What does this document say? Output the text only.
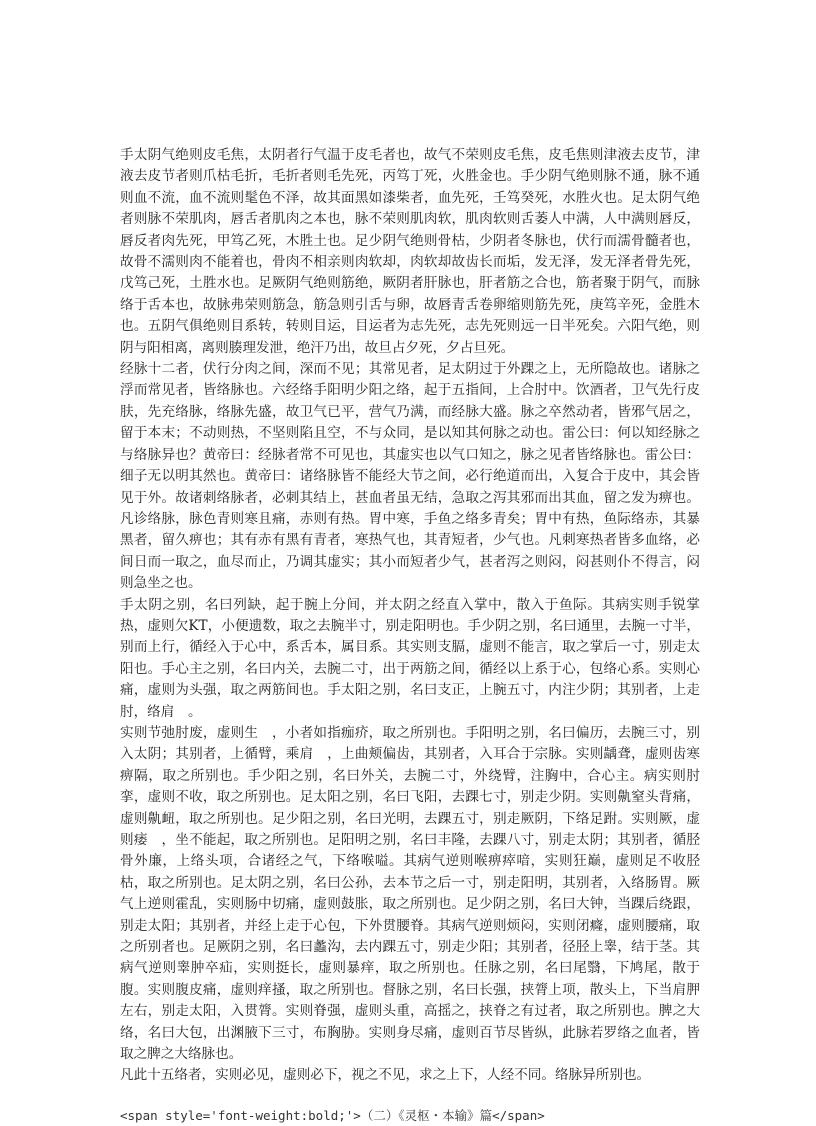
手太阴气绝则皮毛焦，太阴者行气温于皮毛者也，故气不荣则皮毛焦，皮毛焦则津液去皮节，津液去皮节者则爪枯毛折，毛折者则毛先死，丙笃丁死，火胜金也。手少阴气绝则脉不通，脉不通则血不流，血不流则髦色不泽，故其面黑如漆柴者，血先死，壬笃癸死，水胜火也。足太阴气绝者则脉不荣肌肉，唇舌者肌肉之本也，脉不荣则肌肉软，肌肉软则舌萎人中满，人中满则唇反，唇反者肉先死，甲笃乙死，木胜土也。足少阴气绝则骨枯，少阴者冬脉也，伏行而濡骨髓者也，故骨不濡则肉不能着也，骨肉不相亲则肉软却，肉软却故齿长而垢，发无泽，发无泽者骨先死，戊笃己死，土胜水也。足厥阴气绝则筋绝，厥阴者肝脉也，肝者筋之合也，筋者聚于阴气，而脉络于舌本也，故脉弗荣则筋急，筋急则引舌与卵，故唇青舌卷卵缩则筋先死，庚笃辛死，金胜木也。五阴气俱绝则目系转，转则目运，目运者为志先死，志先死则远一日半死矣。六阳气绝，则阴与阳相离，离则腠理发泄，绝汗乃出，故旦占夕死，夕占旦死。

经脉十二者，伏行分肉之间，深而不见；其常见者，足太阴过于外踝之上，无所隐故也。诸脉之浮而常见者，皆络脉也。六经络手阳明少阳之络，起于五指间，上合肘中。饮酒者，卫气先行皮肤，先充络脉，络脉先盛，故卫气已平，营气乃满，而经脉大盛。脉之卒然动者，皆邪气居之，留于本末；不动则热，不坚则陷且空，不与众同，是以知其何脉之动也。雷公曰：何以知经脉之与络脉异也？黄帝曰：经脉者常不可见也，其虚实也以气口知之，脉之见者皆络脉也。雷公曰：细子无以明其然也。黄帝曰：诸络脉皆不能经大节之间，必行绝道而出，入复合于皮中，其会皆见于外。故诸刺络脉者，必刺其结上，甚血者虽无结，急取之泻其邪而出其血，留之发为痹也。凡诊络脉，脉色青则寒且痛，赤则有热。胃中寒，手鱼之络多青矣；胃中有热，鱼际络赤，其暴黑者，留久痹也；其有赤有黑有青者，寒热气也，其青短者，少气也。凡刺寒热者皆多血络，必间日而一取之，血尽而止，乃调其虚实；其小而短者少气，甚者泻之则闷，闷甚则仆不得言，闷则急坐之也。

手太阴之别，名曰列缺，起于腕上分间，并太阴之经直入掌中，散入于鱼际。其病实则手锐掌热，虚则欠KT，小便遗数，取之去腕半寸，别走阳明也。手少阴之别，名曰通里，去腕一寸半，别而上行，循经入于心中，系舌本，属目系。其实则支膈，虚则不能言，取之掌后一寸，别走太阳也。手心主之别，名曰内关，去腕二寸，出于两筋之间，循经以上系于心，包络心系。实则心痛，虚则为头强，取之两筋间也。手太阳之别，名曰支正，上腕五寸，内注少阴；其别者，上走肘，络肩　。

实则节弛肘废，虚则生　，小者如指痂疥，取之所别也。手阳明之别，名曰偏历，去腕三寸，别入太阴；其别者，上循臂，乘肩　，上曲颊偏齿，其别者，入耳合于宗脉。实则龋聋，虚则齿寒痹隔，取之所别也。手少阳之别，名曰外关，去腕二寸，外绕臂，注胸中，合心主。病实则肘挛，虚则不收，取之所别也。足太阳之别，名曰飞阳，去踝七寸，别走少阴。实则鼽窒头背痛，虚则鼽衄，取之所别也。足少阳之别，名曰光明，去踝五寸，别走厥阴，下络足跗。实则厥，虚则痿　，坐不能起，取之所别也。足阳明之别，名曰丰隆，去踝八寸，别走太阴；其别者，循胫骨外廉，上络头项，合诸经之气，下络喉嗌。其病气逆则喉痹瘁喑，实则狂巅，虚则足不收胫枯，取之所别也。足太阴之别，名曰公孙，去本节之后一寸，别走阳明，其别者，入络肠胃。厥气上逆则霍乱，实则肠中切痛，虚则鼓胀，取之所别也。足少阴之别，名曰大钟，当踝后绕跟，别走太阳；其别者，并经上走于心包，下外贯腰脊。其病气逆则烦闷，实则闭癃，虚则腰痛，取之所别者也。足厥阴之别，名曰蠡沟，去内踝五寸，别走少阳；其别者，径胫上睾，结于茎。其病气逆则睾肿卒疝，实则挺长，虚则暴痒，取之所别也。任脉之别，名曰尾翳，下鸠尾，散于腹。实则腹皮痛，虚则痒搔，取之所别也。督脉之别，名曰长强，挟膂上项，散头上，下当肩胛左右，别走太阳，入贯膂。实则脊强，虚则头重，高摇之，挟脊之有过者，取之所别也。脾之大络，名曰大包，出渊腋下三寸，布胸胁。实则身尽痛，虚则百节尽皆纵，此脉若罗络之血者，皆取之脾之大络脉也。

凡此十五络者，实则必见，虚则必下，视之不见，求之上下，人经不同。络脉异所别也。

<span style='font-weight:bold;'>（二）《灵枢・本输》篇</span>
